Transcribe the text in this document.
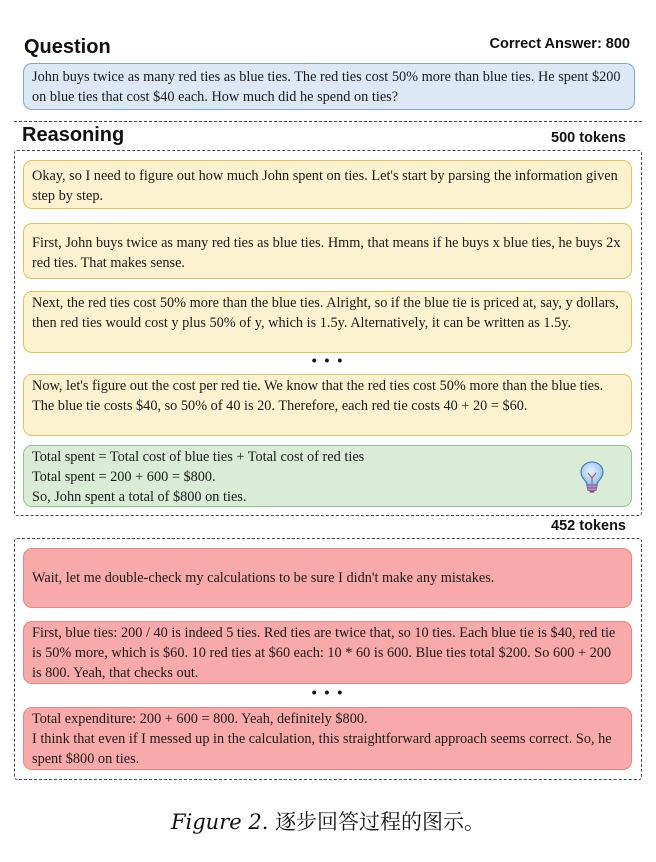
Question	Correct Answer: 800
John buys twice as many red ties as blue ties. The red ties cost 50% more than blue ties. He spent $200 on blue ties that cost $40 each. How much did he spend on ties?
Reasoning	500 tokens
Okay, so I need to figure out how much John spent on ties. Let's start by parsing the information given step by step.
First, John buys twice as many red ties as blue ties. Hmm, that means if he buys x blue ties, he buys 2x red ties. That makes sense.
Next, the red ties cost 50% more than the blue ties. Alright, so if the blue tie is priced at, say, y dollars, then red ties would cost y plus 50% of y, which is 1.5y. Alternatively, it can be written as 1.5y.
• • •
Now, let's figure out the cost per red tie. We know that the red ties cost 50% more than the blue ties. The blue tie costs $40, so 50% of 40 is 20. Therefore, each red tie costs 40 + 20 = $60.
Total spent = Total cost of blue ties + Total cost of red ties
Total spent = 200 + 600 = $800.
So, John spent a total of $800 on ties.
452 tokens
Wait, let me double-check my calculations to be sure I didn't make any mistakes.
First, blue ties: 200 / 40 is indeed 5 ties. Red ties are twice that, so 10 ties. Each blue tie is $40, red tie is 50% more, which is $60. 10 red ties at $60 each: 10 * 60 is 600. Blue ties total $200. So 600 + 200 is 800. Yeah, that checks out.
• • •
Total expenditure: 200 + 600 = 800. Yeah, definitely $800.
I think that even if I messed up in the calculation, this straightforward approach seems correct. So, he spent $800 on ties.
Figure 2. 逐步回答过程的图示。
